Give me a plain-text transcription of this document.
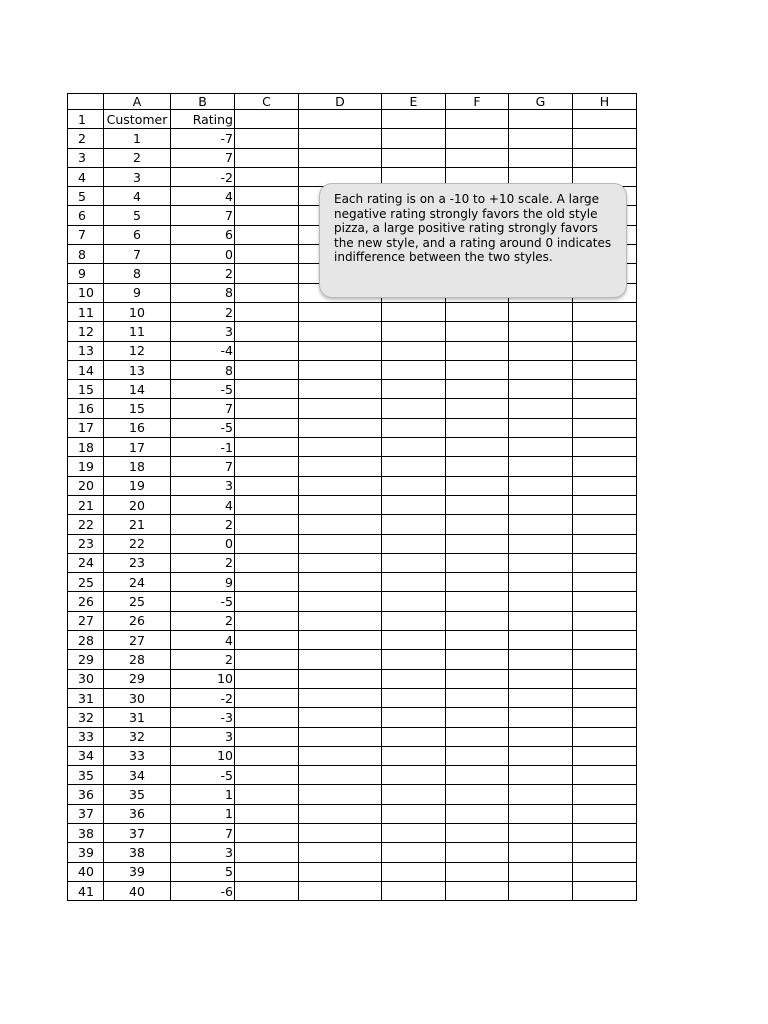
	A	B	C	D	E	F	G	H
1	Customer	Rating						
2	1	-7						
3	2	7						
4	3	-2						
5	4	4						
6	5	7						
7	6	6						
8	7	0						
9	8	2						
10	9	8						
11	10	2						
12	11	3						
13	12	-4						
14	13	8						
15	14	-5						
16	15	7						
17	16	-5						
18	17	-1						
19	18	7						
20	19	3						
21	20	4						
22	21	2						
23	22	0						
24	23	2						
25	24	9						
26	25	-5						
27	26	2						
28	27	4						
29	28	2						
30	29	10						
31	30	-2						
32	31	-3						
33	32	3						
34	33	10						
35	34	-5						
36	35	1						
37	36	1						
38	37	7						
39	38	3						
40	39	5						
41	40	-6						
Each rating is on a -10 to +10 scale. A large negative rating strongly favors the old style pizza, a large positive rating strongly favors the new style, and a rating around 0 indicates indifference between the two styles.
